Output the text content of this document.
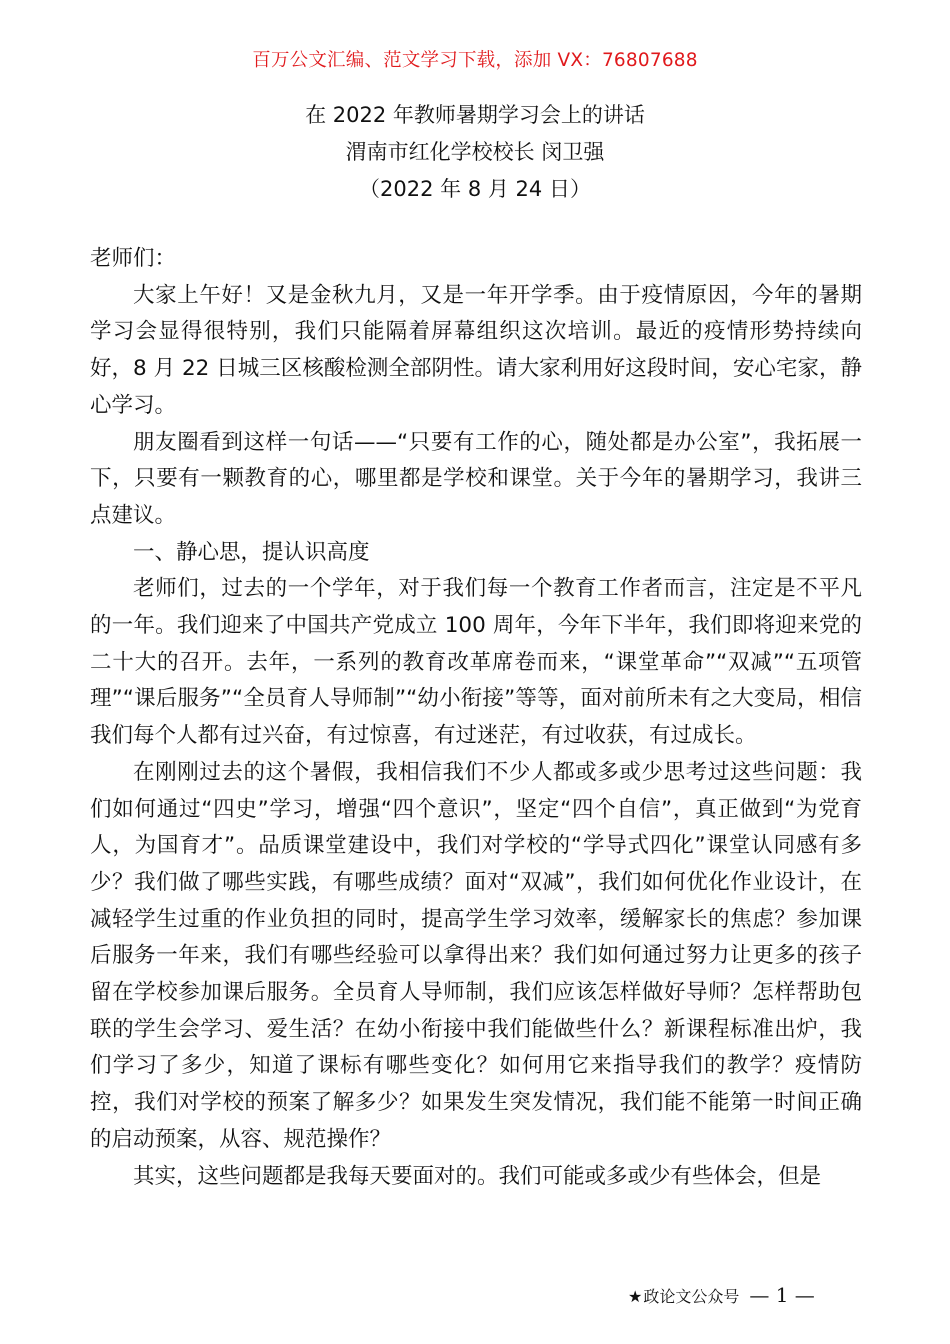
百万公文汇编、范文学习下载，添加 VX：76807688
在 2022 年教师暑期学习会上的讲话
渭南市红化学校校长 闵卫强
（2022 年 8 月 24 日）

老师们：

大家上午好！又是金秋九月，又是一年开学季。由于疫情原因，今年的暑期学习会显得很特别，我们只能隔着屏幕组织这次培训。最近的疫情形势持续向好，8 月 22 日城三区核酸检测全部阴性。请大家利用好这段时间，安心宅家，静心学习。

朋友圈看到这样一句话——“只要有工作的心，随处都是办公室”，我拓展一下，只要有一颗教育的心，哪里都是学校和课堂。关于今年的暑期学习，我讲三点建议。

一、静心思，提认识高度

老师们，过去的一个学年，对于我们每一个教育工作者而言，注定是不平凡的一年。我们迎来了中国共产党成立 100 周年，今年下半年，我们即将迎来党的二十大的召开。去年，一系列的教育改革席卷而来，“课堂革命”“双减”“五项管理”“课后服务”“全员育人导师制”“幼小衔接”等等，面对前所未有之大变局，相信我们每个人都有过兴奋，有过惊喜，有过迷茫，有过收获，有过成长。

在刚刚过去的这个暑假，我相信我们不少人都或多或少思考过这些问题：我们如何通过“四史”学习，增强“四个意识”，坚定“四个自信”，真正做到“为党育人，为国育才”。品质课堂建设中，我们对学校的“学导式四化”课堂认同感有多少？我们做了哪些实践，有哪些成绩？面对“双减”，我们如何优化作业设计，在减轻学生过重的作业负担的同时，提高学生学习效率，缓解家长的焦虑？参加课后服务一年来，我们有哪些经验可以拿得出来？我们如何通过努力让更多的孩子留在学校参加课后服务。全员育人导师制，我们应该怎样做好导师？怎样帮助包联的学生会学习、爱生活？在幼小衔接中我们能做些什么？新课程标准出炉，我们学习了多少，知道了课标有哪些变化？如何用它来指导我们的教学？疫情防控，我们对学校的预案了解多少？如果发生突发情况，我们能不能第一时间正确的启动预案，从容、规范操作？

其实，这些问题都是我每天要面对的。我们可能或多或少有些体会，但是

★政论文公众号 — 1 —
